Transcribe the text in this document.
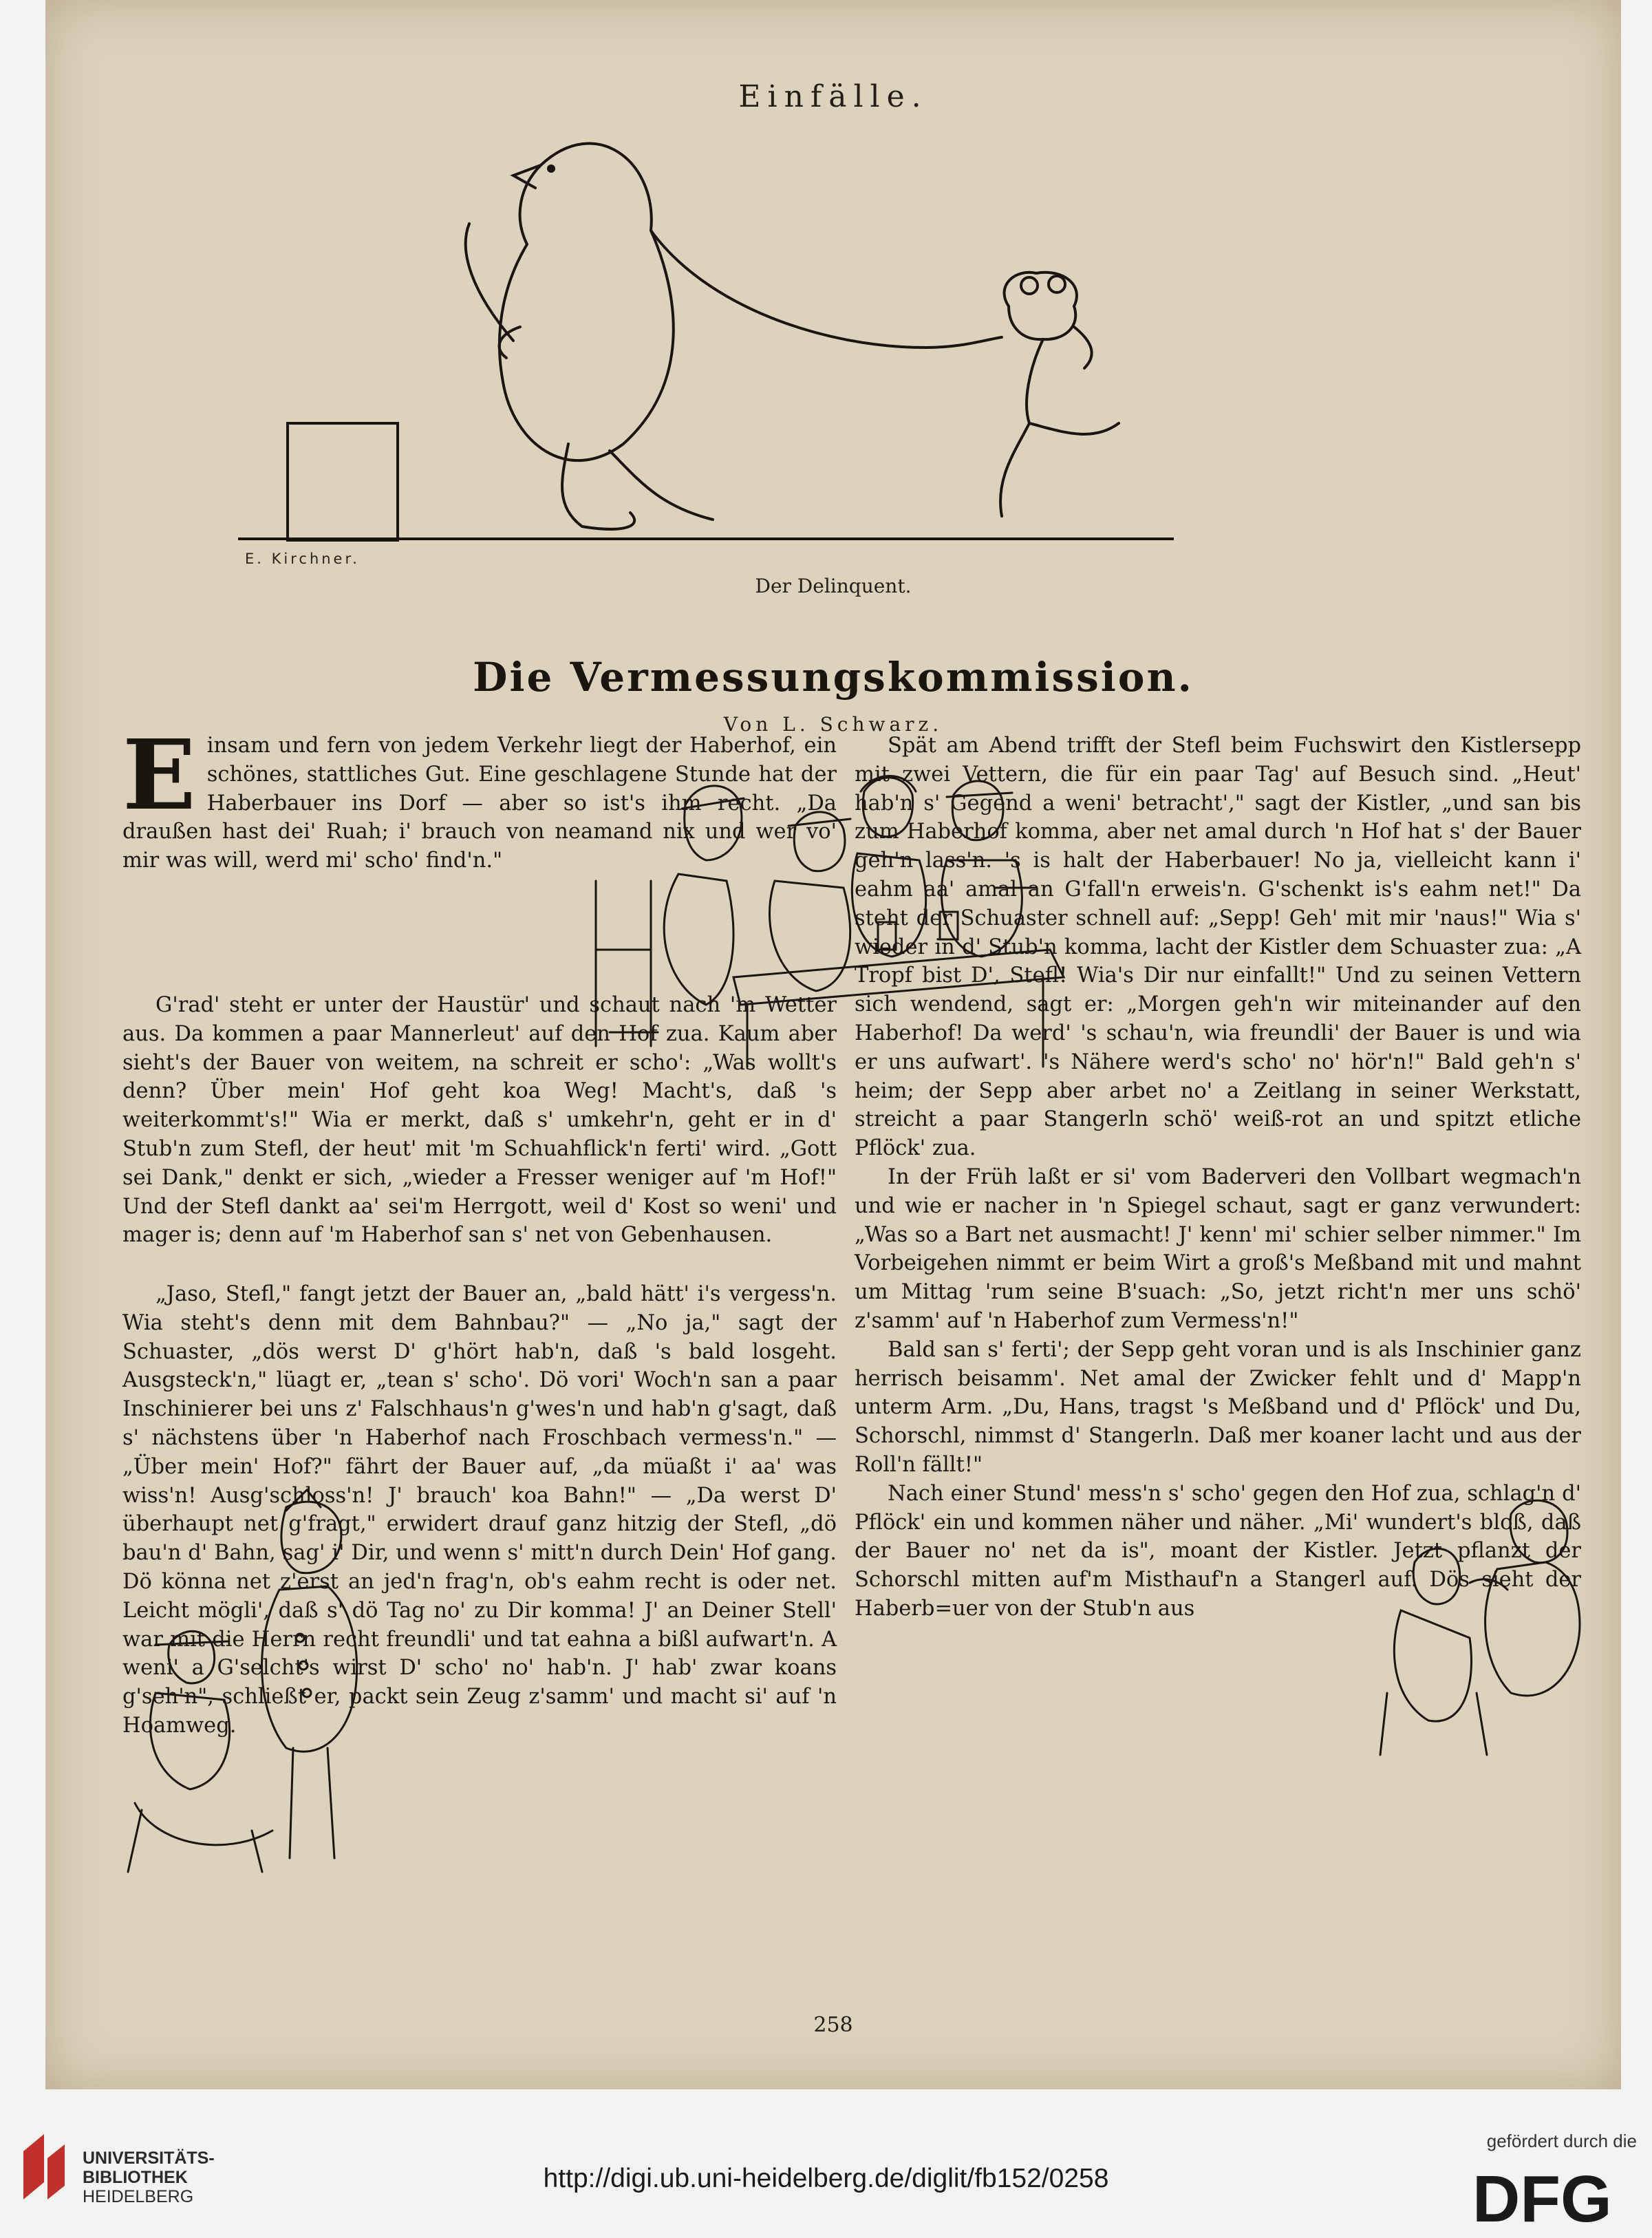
Einfälle.
E. Kirchner.
Der Delinquent.
Die Vermessungskommission.
Von L. Schwarz.

Einsam und fern von jedem Verkehr liegt der Haberhof, ein schönes, stattliches Gut. Eine geschlagene Stunde hat der Haberbauer ins Dorf — aber so ist's ihm recht. „Da draußen hast dei' Ruah; i' brauch von neamand nix und wer vo' mir was will, werd mi' scho' find'n."

G'rad' steht er unter der Haustür' und schaut nach 'm Wetter aus. Da kommen a paar Mannerleut' auf den Hof zua. Kaum aber sieht's der Bauer von weitem, na schreit er scho': „Was wollt's denn? Über mein' Hof geht koa Weg! Macht's, daß 's weiterkommt's!" Wia er merkt, daß s' umkehr'n, geht er in d' Stub'n zum Stefl, der heut' mit 'm Schuahflick'n ferti' wird. „Gott sei Dank," denkt er sich, „wieder a Fresser weniger auf 'm Hof!" Und der Stefl dankt aa' sei'm Herrgott, weil d' Kost so weni' und mager is; denn auf 'm Haberhof san s' net von Gebenhausen.

„Jaso, Stefl," fangt jetzt der Bauer an, „bald hätt' i's vergess'n. Wia steht's denn mit dem Bahnbau?" — „No ja," sagt der Schuaster, „dös werst D' g'hört hab'n, daß 's bald losgeht. Ausgsteck'n," lüagt er, „tean s' scho'. Dö vori' Woch'n san a paar Inschinierer bei uns z' Falschhaus'n g'wes'n und hab'n g'sagt, daß s' nächstens über 'n Haberhof nach Froschbach vermess'n." — „Über mein' Hof?" fährt der Bauer auf, „da müaßt i' aa' was wiss'n! Ausg'schloss'n! J' brauch' koa Bahn!" — „Da werst D' überhaupt net g'fragt," erwidert drauf ganz hitzig der Stefl, „dö bau'n d' Bahn, sag' i' Dir, und wenn s' mitt'n durch Dein' Hof gang. Dö könna net z'erst an jed'n frag'n, ob's eahm recht is oder net. Leicht mögli', daß s' dö Tag no' zu Dir komma! J' an Deiner Stell' war mit die Herrn recht freundli' und tat eahna a bißl aufwart'n. A weni' a G'selcht's wirst D' scho' no' hab'n. J' hab' zwar koans g'seh'n", schließt er, packt sein Zeug z'samm' und macht si' auf 'n Hoamweg.

Spät am Abend trifft der Stefl beim Fuchswirt den Kistlersepp mit zwei Vettern, die für ein paar Tag' auf Besuch sind. „Heut' hab'n s' Gegend a weni' betracht'," sagt der Kistler, „und san bis zum Haberhof komma, aber net amal durch 'n Hof hat s' der Bauer geh'n lass'n. 's is halt der Haberbauer! No ja, vielleicht kann i' eahm aa' amal an G'fall'n erweis'n. G'schenkt is's eahm net!" Da steht der Schuaster schnell auf: „Sepp! Geh' mit mir 'naus!" Wia s' wieder in d' Stub'n komma, lacht der Kistler dem Schuaster zua: „A Tropf bist D', Stefl! Wia's Dir nur einfallt!" Und zu seinen Vettern sich wendend, sagt er: „Morgen geh'n wir miteinander auf den Haberhof! Da werd' 's schau'n, wia freundli' der Bauer is und wia er uns aufwart'. 's Nähere werd's scho' no' hör'n!" Bald geh'n s' heim; der Sepp aber arbet no' a Zeitlang in seiner Werkstatt, streicht a paar Stangerln schö' weiß-rot an und spitzt etliche Pflöck' zua.

In der Früh laßt er si' vom Baderveri den Vollbart wegmach'n und wie er nacher in 'n Spiegel schaut, sagt er ganz verwundert: „Was so a Bart net ausmacht! J' kenn' mi' schier selber nimmer." Im Vorbeigehen nimmt er beim Wirt a groß's Meßband mit und mahnt um Mittag 'rum seine B'suach: „So, jetzt richt'n mer uns schö' z'samm' auf 'n Haberhof zum Vermess'n!"

Bald san s' ferti'; der Sepp geht voran und is als Inschinier ganz herrisch beisamm'. Net amal der Zwicker fehlt und d' Mapp'n unterm Arm. „Du, Hans, tragst 's Meßband und d' Pflöck' und Du, Schorschl, nimmst d' Stangerln. Daß mer koaner lacht und aus der Roll'n fällt!"

Nach einer Stund' mess'n s' scho' gegen den Hof zua, schlag'n d' Pflöck' ein und kommen näher und näher. „Mi' wundert's bloß, daß der Bauer no' net da is", moant der Kistler. Jetzt pflanzt der Schorschl mitten auf'm Misthauf'n a Stangerl auf. Dös sieht der Haberb=uer von der Stub'n aus

258
UNIVERSITÄTS-
BIBLIOTHEK
HEIDELBERG
http://digi.ub.uni-heidelberg.de/diglit/fb152/0258
gefördert durch die
DFG
